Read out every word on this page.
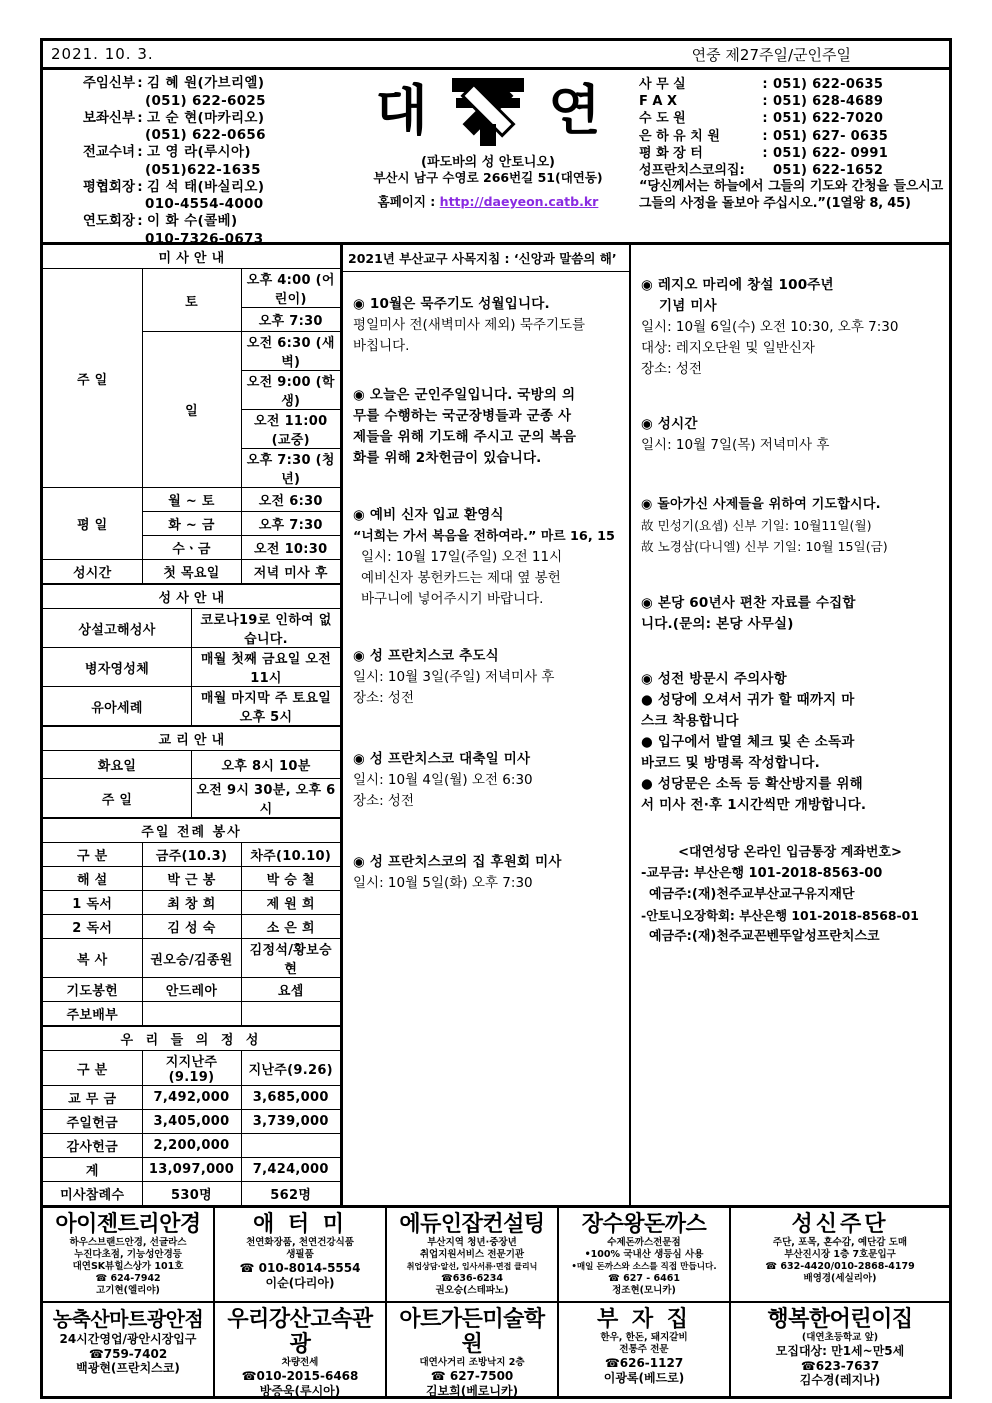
2021. 10. 3.	연중 제27주일/군인주일
주임신부 : 김 혜 원(가브리엘)
(051) 622-6025
보좌신부 : 고 순 현(마카리오)
(051) 622-0656
전교수녀 : 고 영 라(루시아)
(051)622-1635
평협회장 : 김 석 태(바실리오)
010-4554-4000
연도회장 : 이 화 수(콜베)
010-7326-0673
대 연
(파도바의 성 안토니오)
부산시 남구 수영로 266번길 51(대연동)
홈페이지 : http://daeyeon.catb.kr
사 무 실	: 051) 622-0635
F A X	: 051) 628-4689
수 도 원	: 051) 622-7020
은 하 유 치 원	: 051) 627- 0635
평 화 장 터	: 051) 622- 0991
성프란치스코의집:	051) 622-1652
“당신께서는 하늘에서 그들의 기도와 간청을 들으시고 그들의 사정을 돌보아 주십시오.”(1열왕 8, 45)
미 사 안 내		
주 일	토	오후 4:00 (어린이)
		오후 7:30
	일	오전 6:30 (새벽)
		오전 9:00 (학생)
		오전 11:00 (교중)
		오후 7:30 (청년)
평 일	월 ~ 토	오전 6:30
	화 ~ 금	오후 7:30
	수ㆍ금	오전 10:30
성시간	첫 목요일	저녁 미사 후
성 사 안 내	
상설고해성사	코로나19로 인하여 없습니다.
병자영성체	매월 첫째 금요일 오전 11시
유아세례	매월 마지막 주 토요일 오후 5시
교 리 안 내	
화요일	오후 8시 10분
주 일	오전 9시 30분, 오후 6시
주일 전례 봉사		
구 분	금주(10.3)	차주(10.10)
해 설	박 근 봉	박 승 철
1 독서	최 창 희	제 원 희
2 독서	김 성 숙	소 은 희
복 사	권오승/김종원	김정석/황보승현
기도봉헌	안드레아	요셉
주보배부		
우 리 들 의 정 성		
구 분	지지난주(9.19)	지난주(9.26)
교 무 금	7,492,000	3,685,000
주일헌금	3,405,000	3,739,000
감사헌금	2,200,000	
계	13,097,000	7,424,000
미사참례수	530명	562명
2021년 부산교구 사목지침 : ‘신앙과 말씀의 해’
◉ 10월은 묵주기도 성월입니다.
평일미사 전(새벽미사 제외) 묵주기도를
바칩니다.
◉ 오늘은 군인주일입니다. 국방의 의
무를 수행하는 국군장병들과 군종 사
제들을 위해 기도해 주시고 군의 복음
화를 위해 2차헌금이 있습니다.
◉ 예비 신자 입교 환영식
“너희는 가서 복음을 전하여라.” 마르 16, 15
일시: 10월 17일(주일) 오전 11시
예비신자 봉헌카드는 제대 옆 봉헌
바구니에 넣어주시기 바랍니다.
◉ 성 프란치스코 추도식
일시: 10월 3일(주일) 저녁미사 후
장소: 성전
◉ 성 프란치스코 대축일 미사
일시: 10월 4일(월) 오전 6:30
장소: 성전
◉ 성 프란치스코의 집 후원회 미사
일시: 10월 5일(화) 오후 7:30
◉ 레지오 마리에 창설 100주년
기념 미사
일시: 10월 6일(수) 오전 10:30, 오후 7:30
대상: 레지오단원 및 일반신자
장소: 성전
◉ 성시간
일시: 10월 7일(목) 저녁미사 후
◉ 돌아가신 사제들을 위하여 기도합시다.
故 민성기(요셉) 신부 기일: 10월11일(월)
故 노경삼(다니엘) 신부 기일: 10월 15일(금)
◉ 본당 60년사 편찬 자료를 수집합
니다.(문의: 본당 사무실)
◉ 성전 방문시 주의사항
● 성당에 오셔서 귀가 할 때까지 마
스크 착용합니다
● 입구에서 발열 체크 및 손 소독과
바코드 및 방명록 작성합니다.
● 성당문은 소독 등 확산방지를 위해
서 미사 전·후 1시간씩만 개방합니다.
<대연성당 온라인 입금통장 계좌번호>
-교무금: 부산은행 101-2018-8563-00
예금주:(재)천주교부산교구유지재단
-안토니오장학회: 부산은행 101-2018-8568-01
예금주:(재)천주교꼰벤뚜알성프란치스코
아이젠트리안경
하우스브랜드안경, 선글라스
누진다초점, 기능성안경등
대연SK뷰힐스상가 101호
☎ 624-7942
고기현(엘리야)
애 터 미
천연화장품, 천연건강식품
생필품
☎ 010-8014-5554
이순(다리아)
에듀인잡컨설팅
부산지역 청년·중장년
취업지원서비스 전문기관
취업상담·알선, 입사서류·면접 클리닉
☎636-6234
권오승(스테파노)
장수왕돈까스
수제돈까스전문점
•100% 국내산 생등심 사용
•매일 돈까스와 소스를 직접 만듭니다.
☎ 627 - 6461
정조현(모니카)
성신주단
주단, 포목, 혼수감, 예단감 도매
부산진시장 1층 7호문입구
☎ 632-4420/010-2868-4179
배영경(세실리아)
농축산마트광안점
24시간영업/광안시장입구
☎759-7402
백광현(프란치스코)
우리강산고속관광
차량전세
☎010-2015-6468
방증욱(루시아)
아트가든미술학원
대연사거리 조방낙지 2층
☎ 627-7500
김보희(베로니카)
부 자 집
한우, 한돈, 돼지갈비
전통주 전문
☎626-1127
이광록(베드로)
행복한어린이집
(대연초등학교 앞)
모집대상: 만1세~만5세
☎623-7637
김수경(레지나)
